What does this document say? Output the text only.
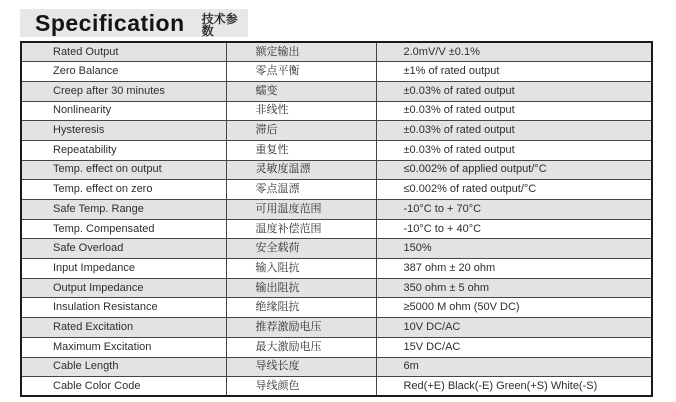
Specification 技术参数
Rated Output	额定输出	2.0mV/V ±0.1%
Zero Balance	零点平衡	±1% of rated output
Creep after 30 minutes	蠕变	±0.03% of rated output
Nonlinearity	非线性	±0.03% of rated output
Hysteresis	滞后	±0.03% of rated output
Repeatability	重复性	±0.03% of rated output
Temp. effect on output	灵敏度温漂	≤0.002% of applied output/°C
Temp. effect on zero	零点温漂	≤0.002% of rated output/°C
Safe Temp. Range	可用温度范围	-10°C to + 70°C
Temp. Compensated	温度补偿范围	-10°C to + 40°C
Safe Overload	安全载荷	150%
Input Impedance	输入阻抗	387 ohm ± 20 ohm
Output Impedance	输出阻抗	350 ohm ± 5 ohm
Insulation Resistance	绝缘阻抗	≥5000 M ohm (50V DC)
Rated Excitation	推荐激励电压	10V DC/AC
Maximum Excitation	最大激励电压	15V DC/AC
Cable Length	导线长度	6m
Cable Color Code	导线颜色	Red(+E) Black(-E) Green(+S) White(-S)
